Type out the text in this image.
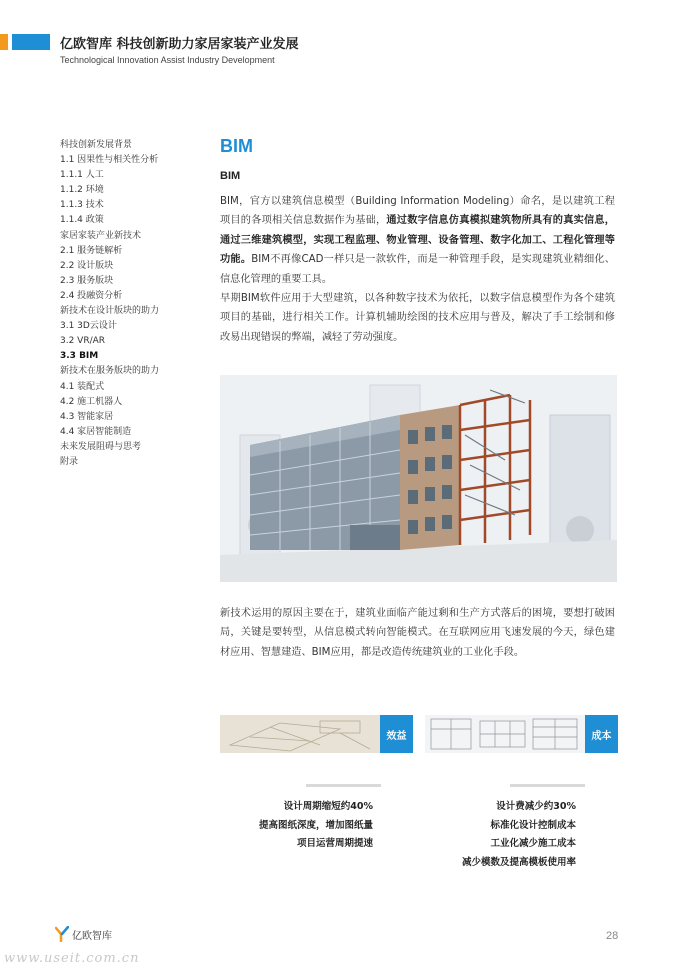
亿欧智库 科技创新助力家居家装产业发展
Technological Innovation Assist Industry Development
科技创新发展背景
1.1 因果性与相关性分析
1.1.1 人工
1.1.2 环境
1.1.3 技术
1.1.4 政策
家居家装产业新技术
2.1 服务链解析
2.2 设计版块
2.3 服务版块
2.4 投融资分析
新技术在设计版块的助力
3.1 3D云设计
3.2 VR/AR
3.3 BIM
新技术在服务版块的助力
4.1 装配式
4.2 施工机器人
4.3 智能家居
4.4 家居智能制造
未来发展阻碍与思考
附录
BIM
BIM
BIM，官方以建筑信息模型（Building Information Modeling）命名，是以建筑工程项目的各项相关信息数据作为基础，通过数字信息仿真模拟建筑物所具有的真实信息，通过三维建筑模型，实现工程监理、物业管理、设备管理、数字化加工、工程化管理等功能。BIM不再像CAD一样只是一款软件，而是一种管理手段，是实现建筑业精细化、信息化管理的重要工具。
早期BIM软件应用于大型建筑，以各种数字技术为依托，以数字信息模型作为各个建筑项目的基础，进行相关工作。计算机辅助绘图的技术应用与普及，解决了手工绘制和修改易出现错误的弊端，减轻了劳动强度。
新技术运用的原因主要在于，建筑业面临产能过剩和生产方式落后的困境，要想打破困局，关键是要转型，从信息模式转向智能模式。在互联网应用飞速发展的今天，绿色建材应用、智慧建造、BIM应用，都是改造传统建筑业的工业化手段。
效益	成本
设计周期缩短约40%
提高图纸深度，增加图纸量
项目运营周期提速
设计费减少约30%
标准化设计控制成本
工业化减少施工成本
减少模数及提高模板使用率
亿欧智库	28
www.useit.com.cn
